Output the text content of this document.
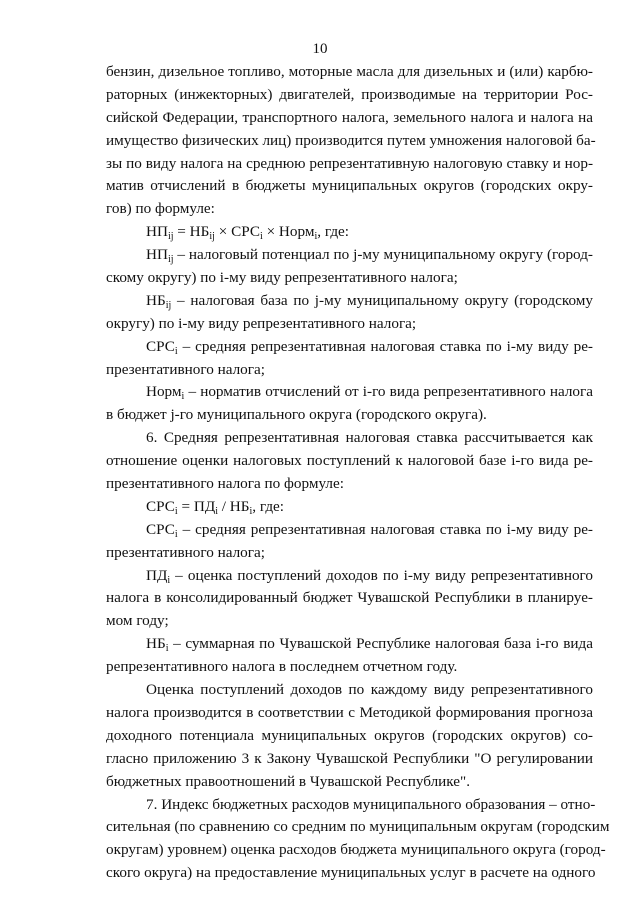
10
бензин, дизельное топливо, моторные масла для дизельных и (или) карбю-
раторных (инжекторных) двигателей, производимые на территории Рос-
сийской Федерации, транспортного налога, земельного налога и налога на
имущество физических лиц) производится путем умножения налоговой ба-
зы по виду налога на среднюю репрезентативную налоговую ставку и нор-
матив отчислений в бюджеты муниципальных округов (городских окру-
гов) по формуле:
$НП_{ij} = НБ_{ij} \times СРС_i$ × Норм$_i$, где:
$НП_{ij}$ – налоговый потенциал по j-му муниципальному округу (город-
скому округу) по i-му виду репрезентативного налога;
$НБ_{ij}$ – налоговая база по j-му муниципальному округу (городскому
округу) по i-му виду репрезентативного налога;
$СРС_i$ – средняя репрезентативная налоговая ставка по i-му виду ре-
презентативного налога;
Норм$_i$ – норматив отчислений от i-го вида репрезентативного налога
в бюджет j-го муниципального округа (городского округа).
6. Средняя репрезентативная налоговая ставка рассчитывается как
отношение оценки налоговых поступлений к налоговой базе i-го вида ре-
презентативного налога по формуле:
$СРС_i = ПД_i / НБ_i$, где:
$СРС_i$ – средняя репрезентативная налоговая ставка по i-му виду ре-
презентативного налога;
$ПД_i$ – оценка поступлений доходов по i-му виду репрезентативного
налога в консолидированный бюджет Чувашской Республики в планируе-
мом году;
$НБ_i$ – суммарная по Чувашской Республике налоговая база i-го вида
репрезентативного налога в последнем отчетном году.
Оценка поступлений доходов по каждому виду репрезентативного
налога производится в соответствии с Методикой формирования прогноза
доходного потенциала муниципальных округов (городских округов) со-
гласно приложению 3 к Закону Чувашской Республики "О регулировании
бюджетных правоотношений в Чувашской Республике".
7. Индекс бюджетных расходов муниципального образования – отно-
сительная (по сравнению со средним по муниципальным округам (городским
округам) уровнем) оценка расходов бюджета муниципального округа (город-
ского округа) на предоставление муниципальных услуг в расчете на одного
